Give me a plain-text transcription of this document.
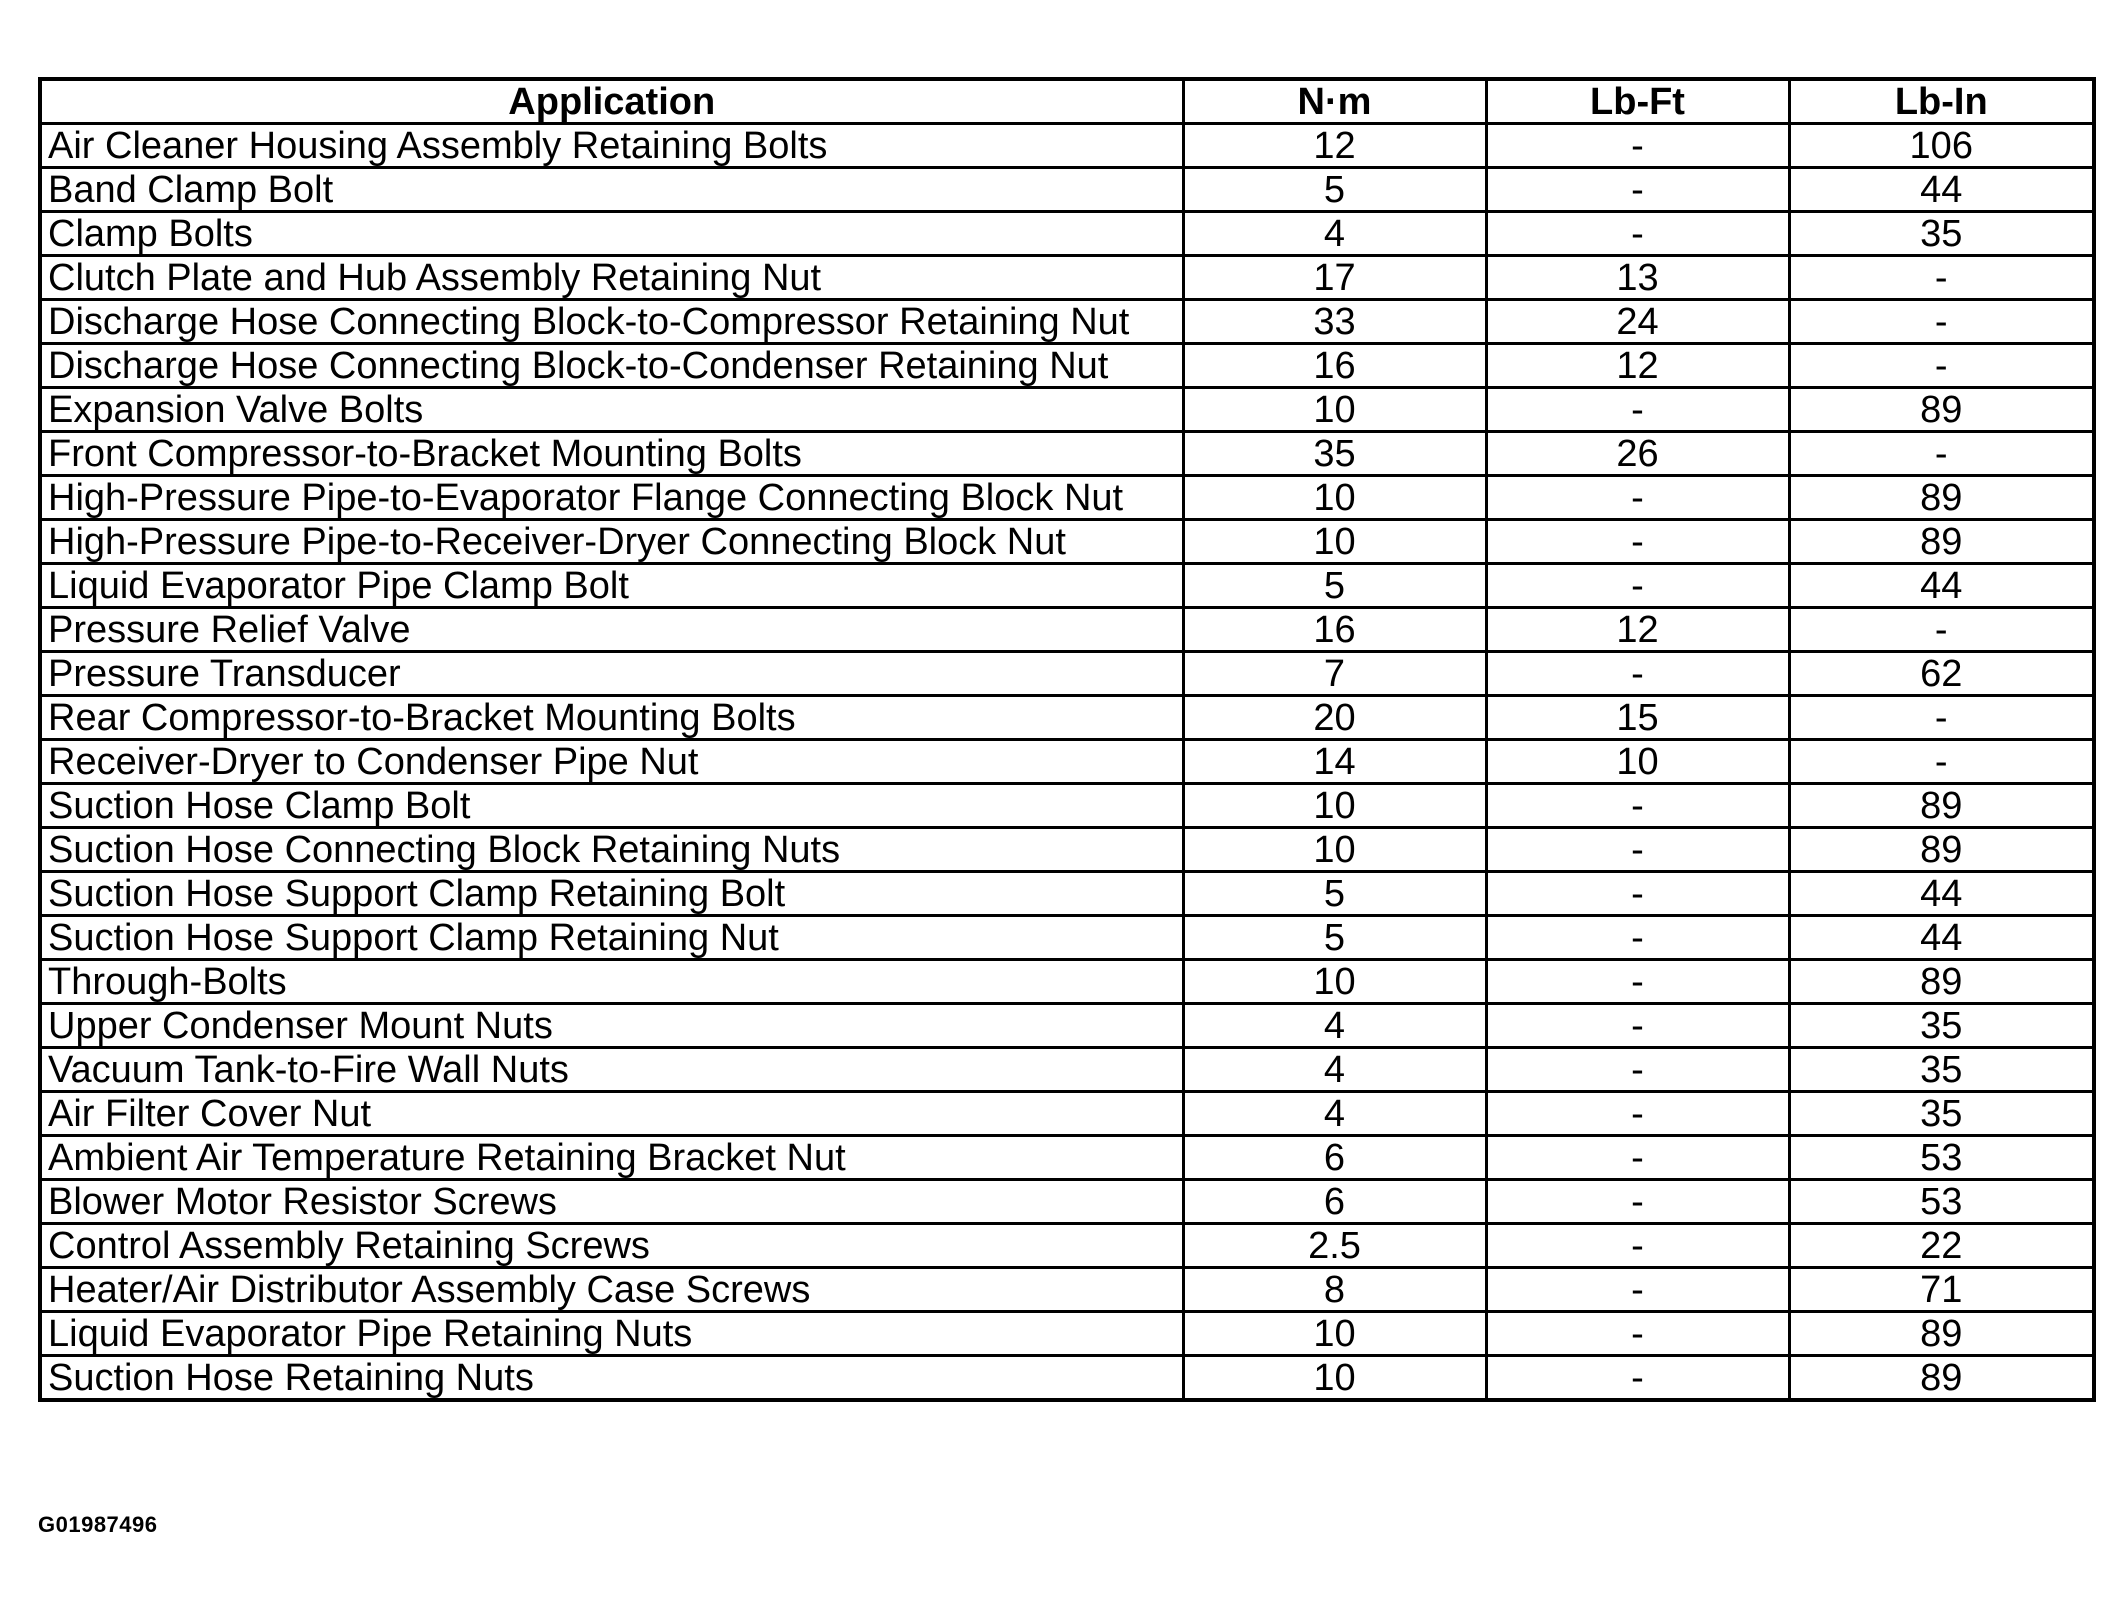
Application	N·m	Lb-Ft	Lb-In
Air Cleaner Housing Assembly Retaining Bolts	12	-	106
Band Clamp Bolt	5	-	44
Clamp Bolts	4	-	35
Clutch Plate and Hub Assembly Retaining Nut	17	13	-
Discharge Hose Connecting Block-to-Compressor Retaining Nut	33	24	-
Discharge Hose Connecting Block-to-Condenser Retaining Nut	16	12	-
Expansion Valve Bolts	10	-	89
Front Compressor-to-Bracket Mounting Bolts	35	26	-
High-Pressure Pipe-to-Evaporator Flange Connecting Block Nut	10	-	89
High-Pressure Pipe-to-Receiver-Dryer Connecting Block Nut	10	-	89
Liquid Evaporator Pipe Clamp Bolt	5	-	44
Pressure Relief Valve	16	12	-
Pressure Transducer	7	-	62
Rear Compressor-to-Bracket Mounting Bolts	20	15	-
Receiver-Dryer to Condenser Pipe Nut	14	10	-
Suction Hose Clamp Bolt	10	-	89
Suction Hose Connecting Block Retaining Nuts	10	-	89
Suction Hose Support Clamp Retaining Bolt	5	-	44
Suction Hose Support Clamp Retaining Nut	5	-	44
Through-Bolts	10	-	89
Upper Condenser Mount Nuts	4	-	35
Vacuum Tank-to-Fire Wall Nuts	4	-	35
Air Filter Cover Nut	4	-	35
Ambient Air Temperature Retaining Bracket Nut	6	-	53
Blower Motor Resistor Screws	6	-	53
Control Assembly Retaining Screws	2.5	-	22
Heater/Air Distributor Assembly Case Screws	8	-	71
Liquid Evaporator Pipe Retaining Nuts	10	-	89
Suction Hose Retaining Nuts	10	-	89
G01987496
